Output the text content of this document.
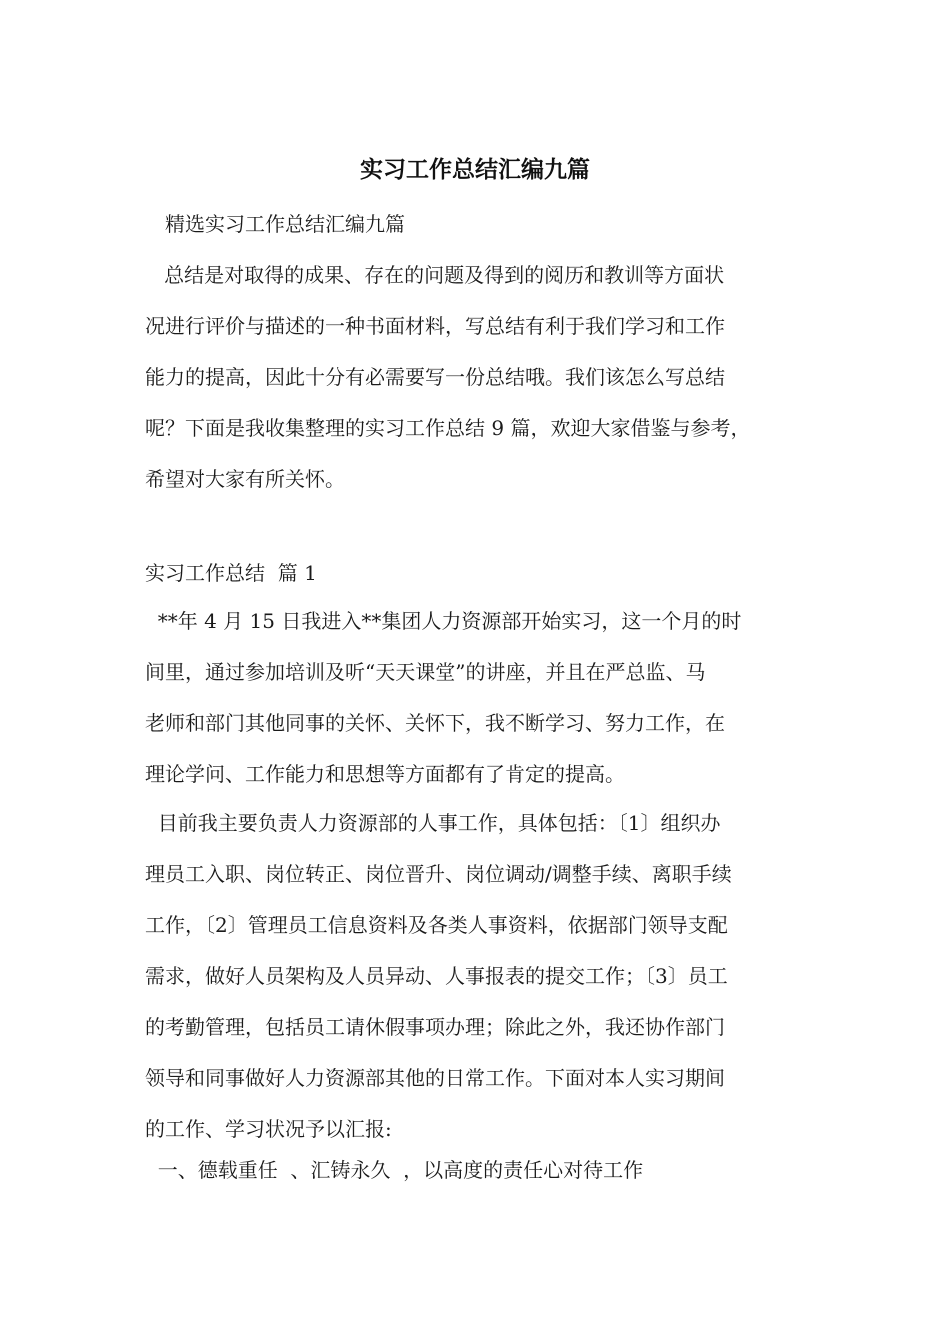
实习工作总结汇编九篇

精选实习工作总结汇编九篇

总结是对取得的成果、存在的问题及得到的阅历和教训等方面状
况进行评价与描述的一种书面材料，写总结有利于我们学习和工作
能力的提高，因此十分有必需要写一份总结哦。我们该怎么写总结
呢？下面是我收集整理的实习工作总结 9 篇，欢迎大家借鉴与参考，
希望对大家有所关怀。

实习工作总结  篇 1

**年 4 月 15 日我进入**集团人力资源部开始实习，这一个月的时
间里，通过参加培训及听“天天课堂”的讲座，并且在严总监、马
老师和部门其他同事的关怀、关怀下，我不断学习、努力工作，在
理论学问、工作能力和思想等方面都有了肯定的提高。
目前我主要负责人力资源部的人事工作，具体包括：〔1〕组织办
理员工入职、岗位转正、岗位晋升、岗位调动/调整手续、离职手续
工作，〔2〕管理员工信息资料及各类人事资料，依据部门领导支配
需求，做好人员架构及人员异动、人事报表的提交工作；〔3〕员工
的考勤管理，包括员工请休假事项办理；除此之外，我还协作部门
领导和同事做好人力资源部其他的日常工作。下面对本人实习期间
的工作、学习状况予以汇报:

一、德载重任  、汇铸永久  ，以高度的责任心对待工作
